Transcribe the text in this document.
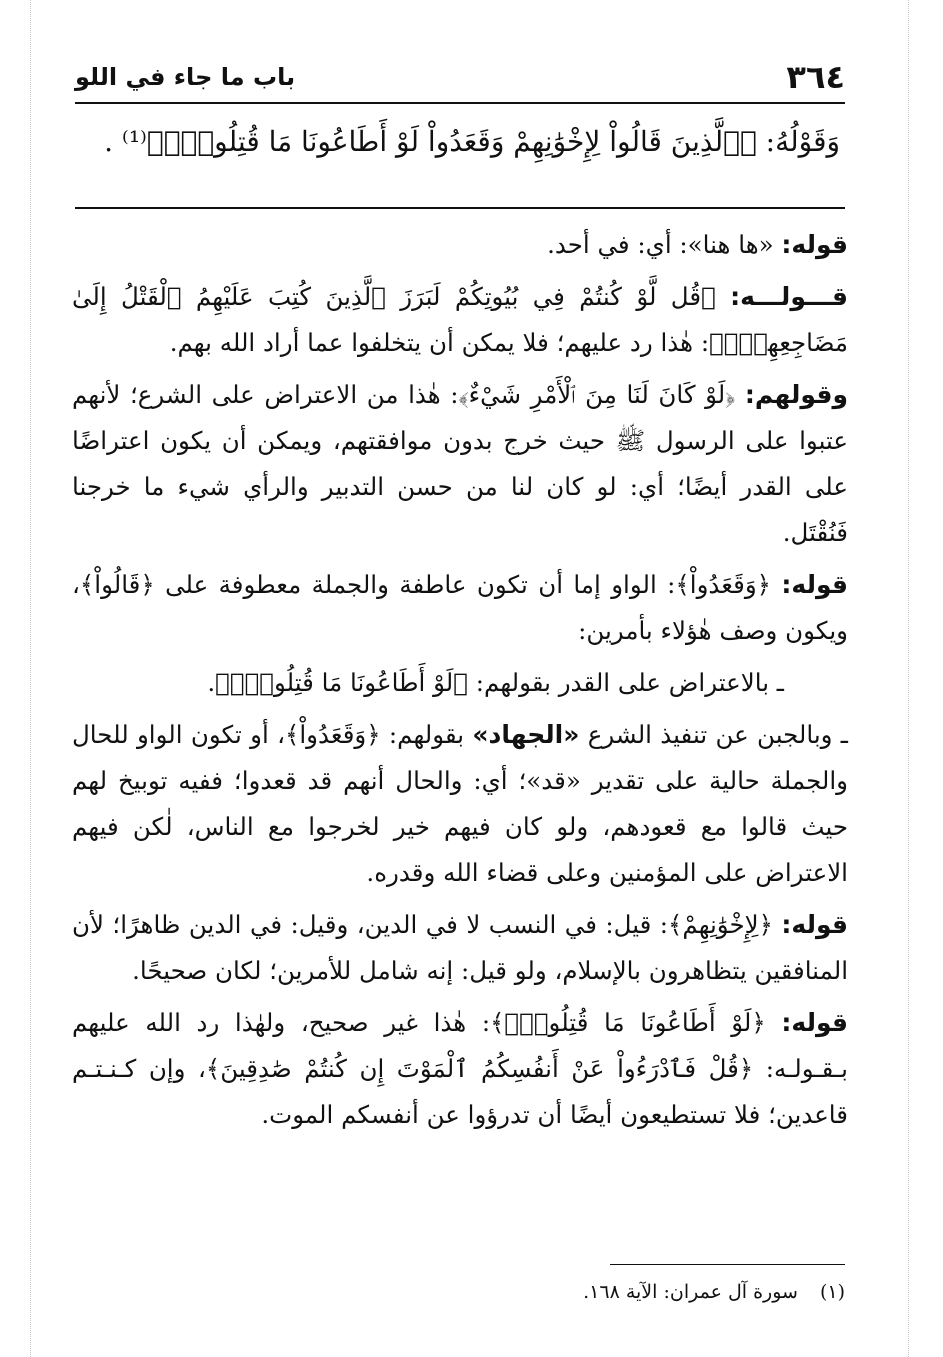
٣٦٤
باب ما جاء في اللو
وَقَوْلُهُ: ﴿ٱلَّذِينَ قَالُواْ لِإِخْوَٰنِهِمْ وَقَعَدُواْ لَوْ أَطَاعُونَا مَا قُتِلُواْۗ﴾⁽¹⁾ .

قوله: «ها هنا»: أي: في أحد.

قـــولـــه: ﴿قُل لَّوْ كُنتُمْ فِي بُيُوتِكُمْ لَبَرَزَ ٱلَّذِينَ كُتِبَ عَلَيْهِمُ ٱلْقَتْلُ إِلَىٰ مَضَاجِعِهِمْۖ﴾: هٰذا رد عليهم؛ فلا يمكن أن يتخلفوا عما أراد الله بهم.

وقولهم: ﴿لَوْ كَانَ لَنَا مِنَ ٱلْأَمْرِ شَيْءٌ﴾: هٰذا من الاعتراض على الشرع؛ لأنهم عتبوا على الرسول ﷺ حيث خرج بدون موافقتهم، ويمكن أن يكون اعتراضًا على القدر أيضًا؛ أي: لو كان لنا من حسن التدبير والرأي شيء ما خرجنا فَنُقْتَل.

قوله: ﴿وَقَعَدُواْ﴾: الواو إما أن تكون عاطفة والجملة معطوفة على ﴿قَالُواْ﴾، ويكون وصف هٰؤلاء بأمرين:

ـ بالاعتراض على القدر بقولهم: ﴿لَوْ أَطَاعُونَا مَا قُتِلُواْۗ﴾.

ـ وبالجبن عن تنفيذ الشرع «الجهاد» بقولهم: ﴿وَقَعَدُواْ﴾، أو تكون الواو للحال والجملة حالية على تقدير «قد»؛ أي: والحال أنهم قد قعدوا؛ ففيه توبيخ لهم حيث قالوا مع قعودهم، ولو كان فيهم خير لخرجوا مع الناس، لٰكن فيهم الاعتراض على المؤمنين وعلى قضاء الله وقدره.

قوله: ﴿لِإِخْوَٰنِهِمْ﴾: قيل: في النسب لا في الدين، وقيل: في الدين ظاهرًا؛ لأن المنافقين يتظاهرون بالإسلام، ولو قيل: إنه شامل للأمرين؛ لكان صحيحًا.

قوله: ﴿لَوْ أَطَاعُونَا مَا قُتِلُواْۗ﴾: هٰذا غير صحيح، ولهٰذا رد الله عليهم بـقـولـه: ﴿قُلْ فَٱدْرَءُواْ عَنْ أَنفُسِكُمُ ٱلْمَوْتَ إِن كُنتُمْ صَٰدِقِينَ﴾، وإن كـنـتـم قاعدين؛ فلا تستطيعون أيضًا أن تدرؤوا عن أنفسكم الموت.

(١)سورة آل عمران: الآية ١٦٨.
